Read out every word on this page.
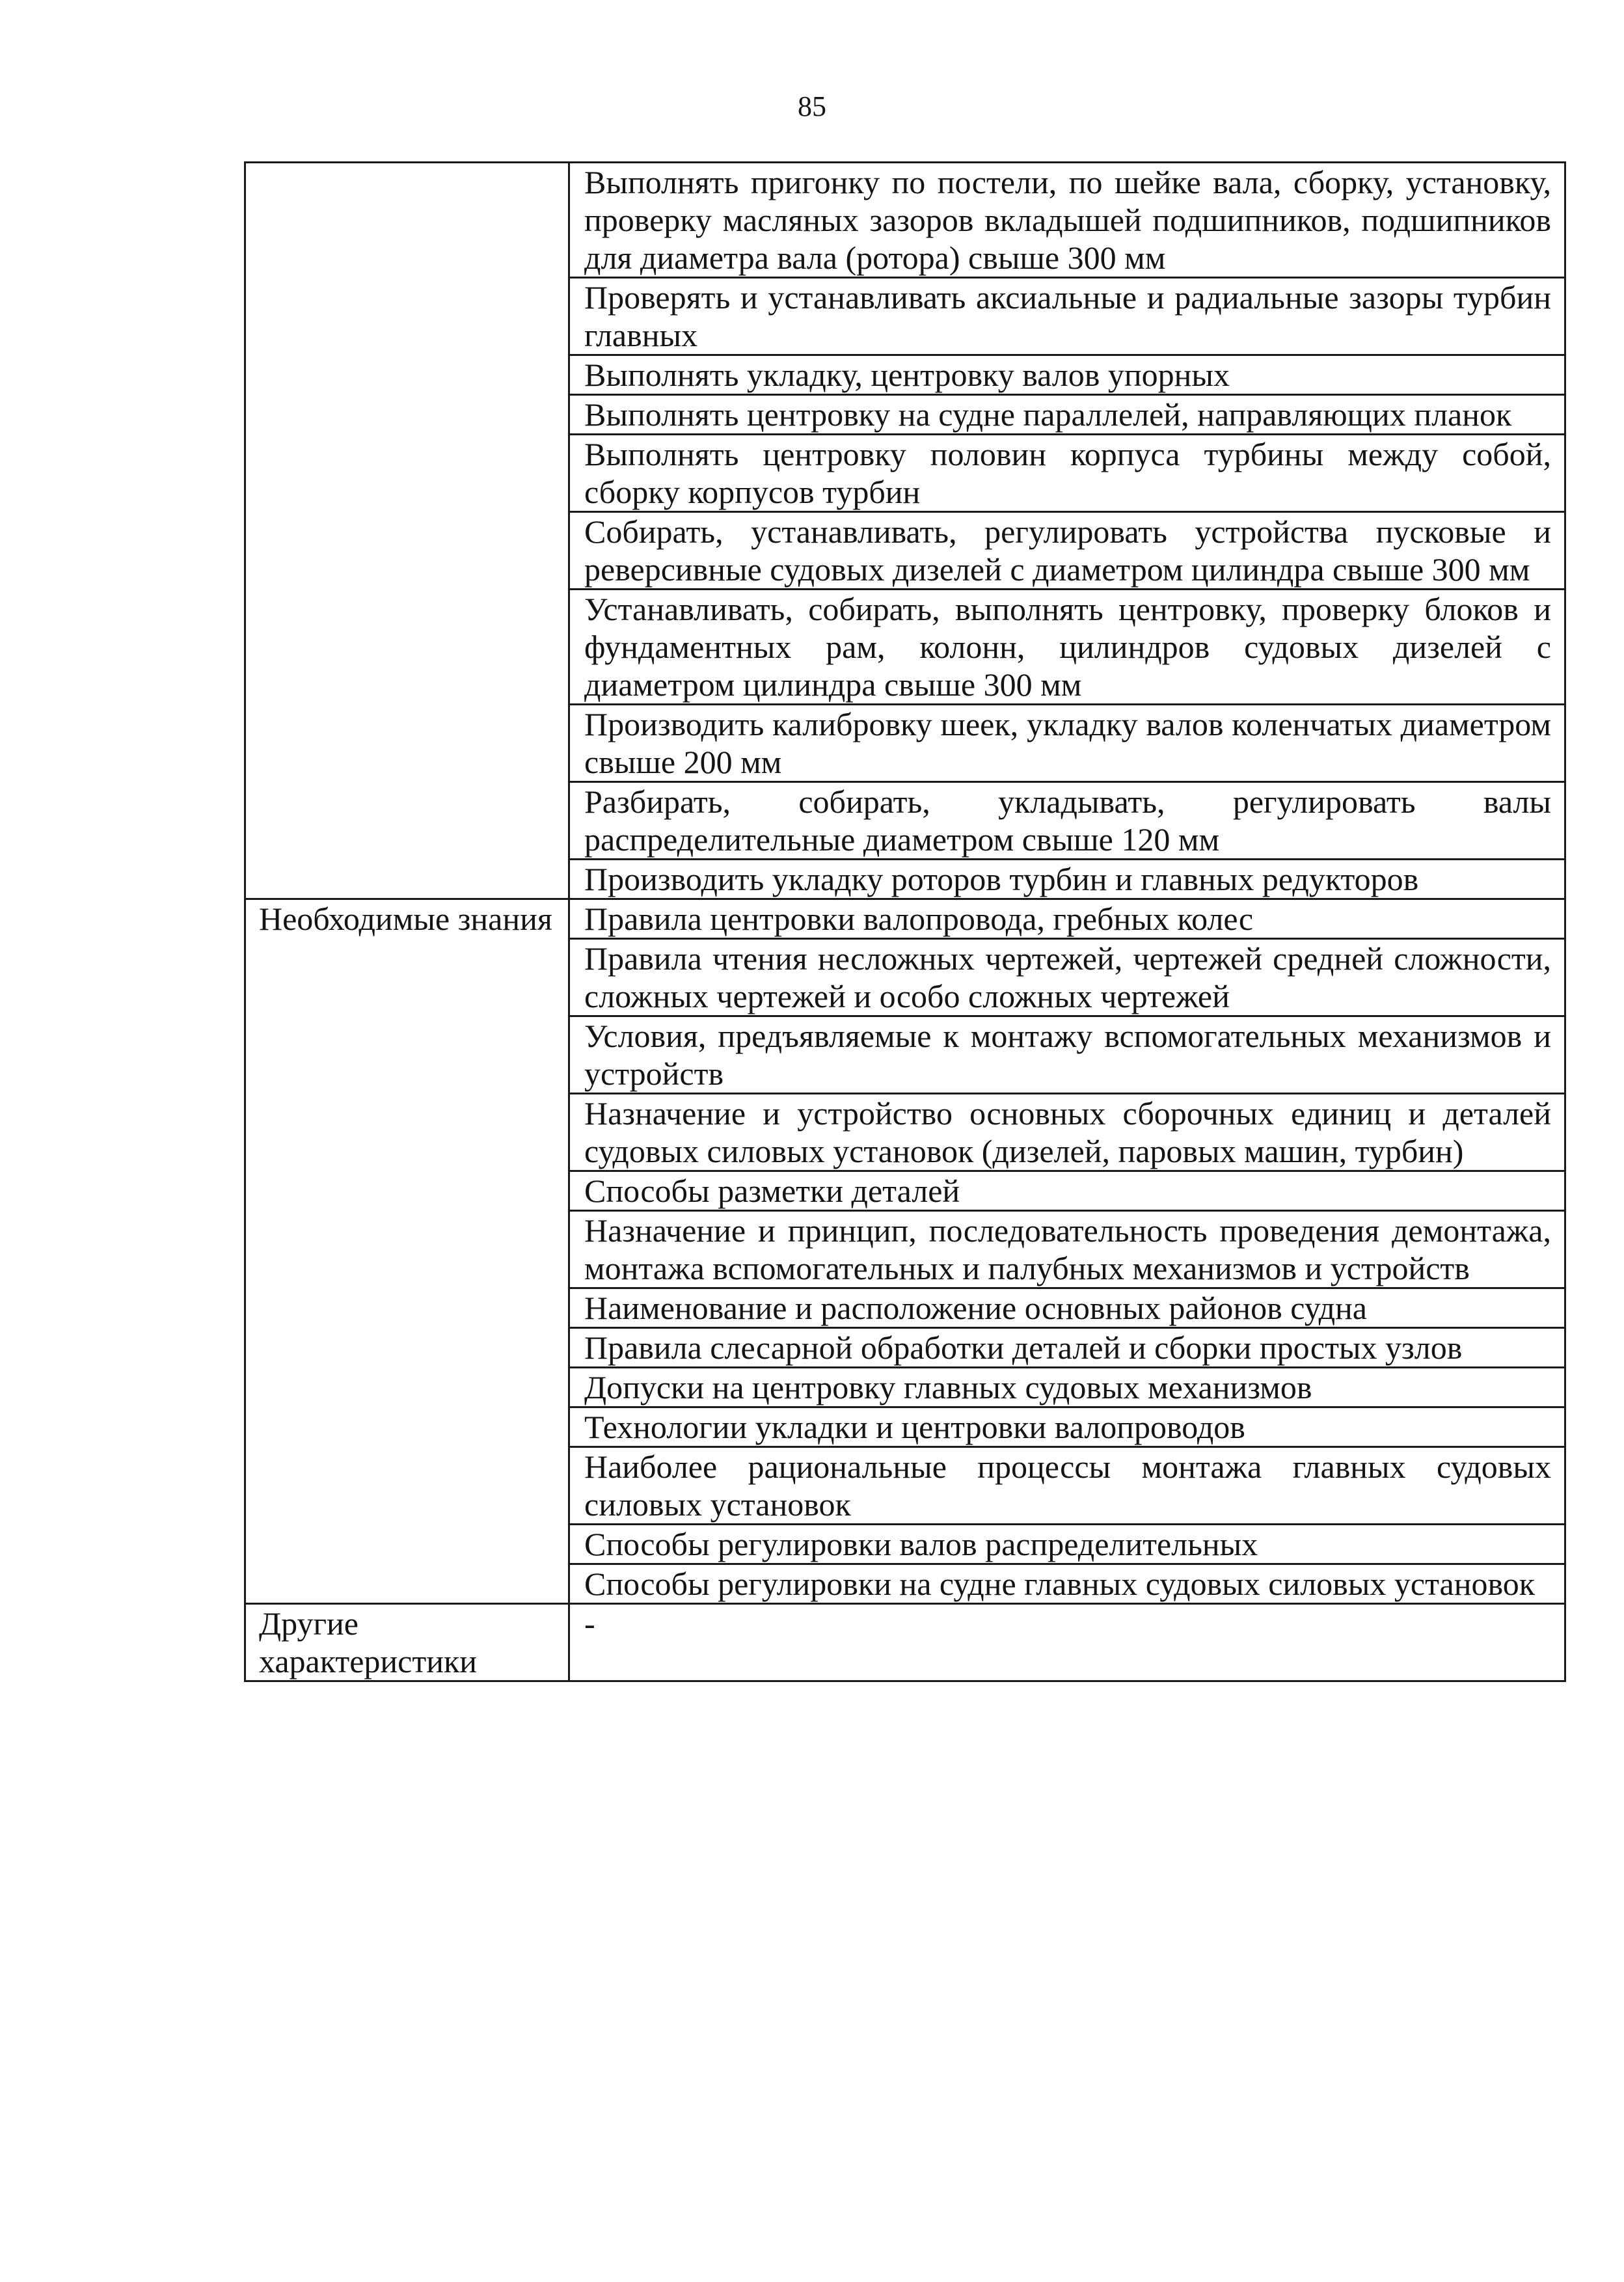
85
	Выполнять пригонку по постели, по шейке вала, сборку, установку, проверку масляных зазоров вкладышей подшипников, подшипников для диаметра вала (ротора) свыше 300 мм
	Проверять и устанавливать аксиальные и радиальные зазоры турбин главных
	Выполнять укладку, центровку валов упорных
	Выполнять центровку на судне параллелей, направляющих планок
	Выполнять центровку половин корпуса турбины между собой, сборку корпусов турбин
	Собирать, устанавливать, регулировать устройства пусковые и реверсивные судовых дизелей с диаметром цилиндра свыше 300 мм
	Устанавливать, собирать, выполнять центровку, проверку блоков и фундаментных рам, колонн, цилиндров судовых дизелей с диаметром цилиндра свыше 300 мм
	Производить калибровку шеек, укладку валов коленчатых диаметром свыше 200 мм
	Разбирать, собирать, укладывать, регулировать валы распределительные диаметром свыше 120 мм
	Производить укладку роторов турбин и главных редукторов

Необходимые знания	Правила центровки валопровода, гребных колес
	Правила чтения несложных чертежей, чертежей средней сложности, сложных чертежей и особо сложных чертежей
	Условия, предъявляемые к монтажу вспомогательных механизмов и устройств
	Назначение и устройство основных сборочных единиц и деталей судовых силовых установок (дизелей, паровых машин, турбин)
	Способы разметки деталей
	Назначение и принцип, последовательность проведения демонтажа, монтажа вспомогательных и палубных механизмов и устройств
	Наименование и расположение основных районов судна
	Правила слесарной обработки деталей и сборки простых узлов
	Допуски на центровку главных судовых механизмов
	Технологии укладки и центровки валопроводов
	Наиболее рациональные процессы монтажа главных судовых силовых установок
	Способы регулировки валов распределительных
	Способы регулировки на судне главных судовых силовых установок

Другие характеристики	-
